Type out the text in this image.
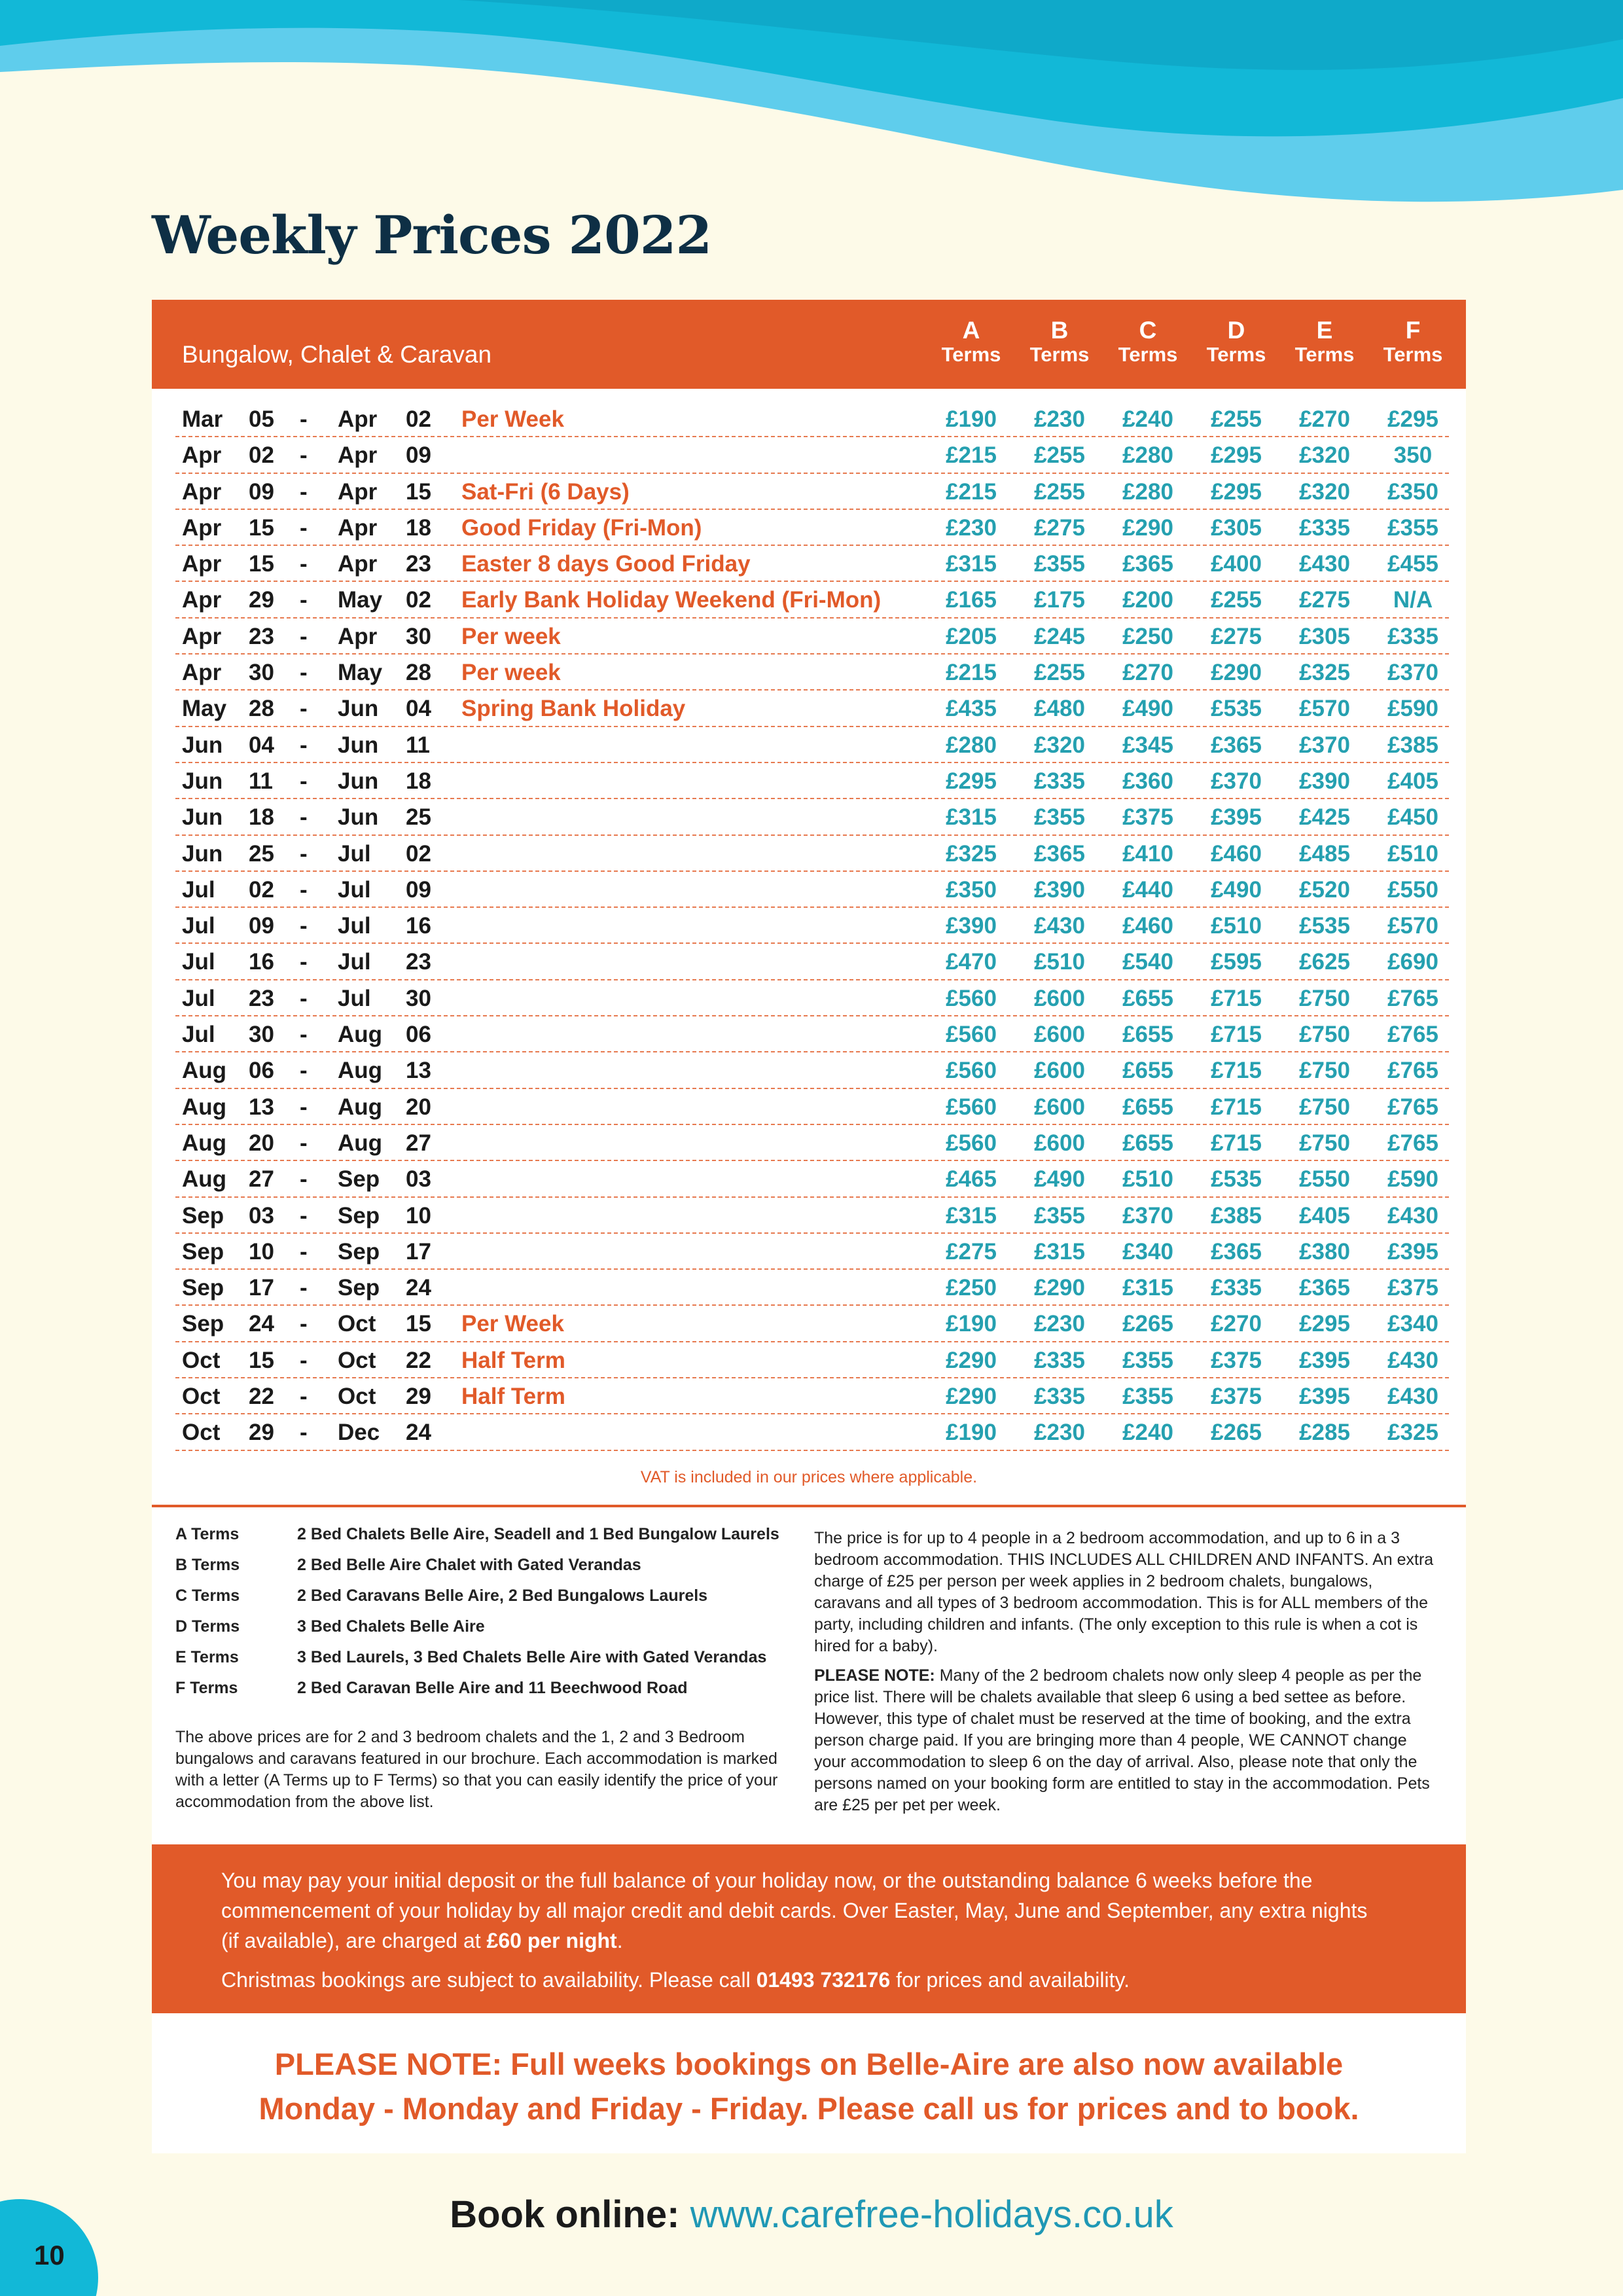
Weekly Prices 2022
Bungalow, Chalet & Caravan
A
Terms
B
Terms
C
Terms
D
Terms
E
Terms
F
Terms
Mar 05 - Apr 02 Per Week	£190	£230	£240	£255	£270	£295
Apr 02 - Apr 09	£215	£255	£280	£295	£320	350
Apr 09 - Apr 15 Sat-Fri (6 Days)	£215	£255	£280	£295	£320	£350
Apr 15 - Apr 18 Good Friday (Fri-Mon)	£230	£275	£290	£305	£335	£355
Apr 15 - Apr 23 Easter 8 days Good Friday	£315	£355	£365	£400	£430	£455
Apr 29 - May 02 Early Bank Holiday Weekend (Fri-Mon)	£165	£175	£200	£255	£275	N/A
Apr 23 - Apr 30 Per week	£205	£245	£250	£275	£305	£335
Apr 30 - May 28 Per week	£215	£255	£270	£290	£325	£370
May 28 - Jun 04 Spring Bank Holiday	£435	£480	£490	£535	£570	£590
Jun 04 - Jun 11	£280	£320	£345	£365	£370	£385
Jun 11 - Jun 18	£295	£335	£360	£370	£390	£405
Jun 18 - Jun 25	£315	£355	£375	£395	£425	£450
Jun 25 - Jul 02	£325	£365	£410	£460	£485	£510
Jul 02 - Jul 09	£350	£390	£440	£490	£520	£550
Jul 09 - Jul 16	£390	£430	£460	£510	£535	£570
Jul 16 - Jul 23	£470	£510	£540	£595	£625	£690
Jul 23 - Jul 30	£560	£600	£655	£715	£750	£765
Jul 30 - Aug 06	£560	£600	£655	£715	£750	£765
Aug 06 - Aug 13	£560	£600	£655	£715	£750	£765
Aug 13 - Aug 20	£560	£600	£655	£715	£750	£765
Aug 20 - Aug 27	£560	£600	£655	£715	£750	£765
Aug 27 - Sep 03	£465	£490	£510	£535	£550	£590
Sep 03 - Sep 10	£315	£355	£370	£385	£405	£430
Sep 10 - Sep 17	£275	£315	£340	£365	£380	£395
Sep 17 - Sep 24	£250	£290	£315	£335	£365	£375
Sep 24 - Oct 15 Per Week	£190	£230	£265	£270	£295	£340
Oct 15 - Oct 22 Half Term	£290	£335	£355	£375	£395	£430
Oct 22 - Oct 29 Half Term	£290	£335	£355	£375	£395	£430
Oct 29 - Dec 24	£190	£230	£240	£265	£285	£325
VAT is included in our prices where applicable.
A Terms	2 Bed Chalets Belle Aire, Seadell and 1 Bed Bungalow Laurels
B Terms	2 Bed Belle Aire Chalet with Gated Verandas
C Terms	2 Bed Caravans Belle Aire, 2 Bed Bungalows Laurels
D Terms	3 Bed Chalets Belle Aire
E Terms	3 Bed Laurels, 3 Bed Chalets Belle Aire with Gated Verandas
F Terms	2 Bed Caravan Belle Aire and 11 Beechwood Road
The above prices are for 2 and 3 bedroom chalets and the 1, 2 and 3 Bedroom bungalows and caravans featured in our brochure. Each accommodation is marked with a letter (A Terms up to F Terms) so that you can easily identify the price of your accommodation from the above list.
The price is for up to 4 people in a 2 bedroom accommodation, and up to 6 in a 3 bedroom accommodation. THIS INCLUDES ALL CHILDREN AND INFANTS. An extra charge of £25 per person per week applies in 2 bedroom chalets, bungalows, caravans and all types of 3 bedroom accommodation. This is for ALL members of the party, including children and infants. (The only exception to this rule is when a cot is hired for a baby).
PLEASE NOTE: Many of the 2 bedroom chalets now only sleep 4 people as per the price list. There will be chalets available that sleep 6 using a bed settee as before. However, this type of chalet must be reserved at the time of booking, and the extra person charge paid. If you are bringing more than 4 people, WE CANNOT change your accommodation to sleep 6 on the day of arrival. Also, please note that only the persons named on your booking form are entitled to stay in the accommodation. Pets are £25 per pet per week.
You may pay your initial deposit or the full balance of your holiday now, or the outstanding balance 6 weeks before the commencement of your holiday by all major credit and debit cards. Over Easter, May, June and September, any extra nights (if available), are charged at £60 per night.
Christmas bookings are subject to availability. Please call 01493 732176 for prices and availability.
PLEASE NOTE: Full weeks bookings on Belle-Aire are also now available
Monday - Monday and Friday - Friday. Please call us for prices and to book.
Book online: www.carefree-holidays.co.uk
10
